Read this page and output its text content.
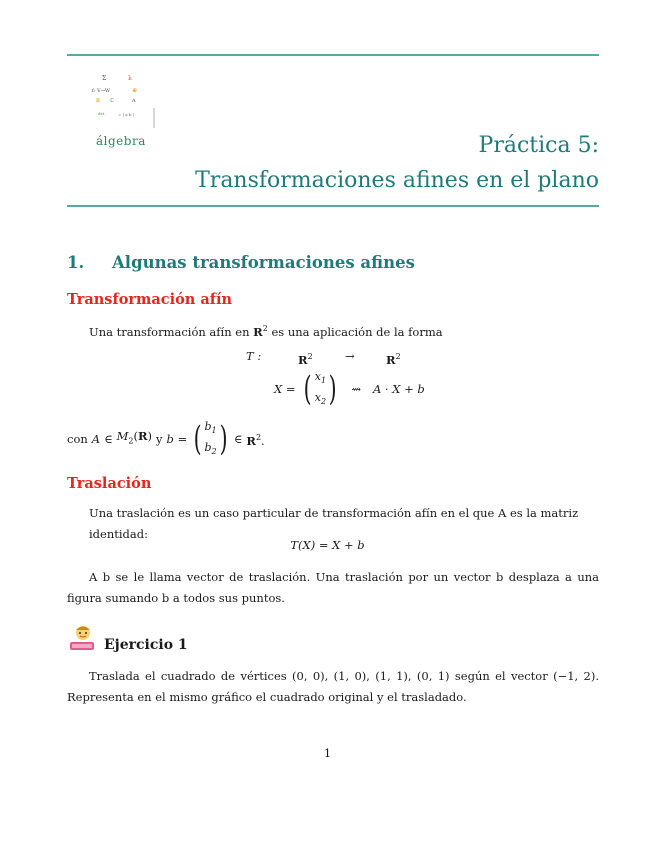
Σ	λ
f: V→W	⊕
ℝ ℂ	A
det	= | a b |
álgebra	Práctica 5:
Transformaciones afines en el plano
1. Algunas transformaciones afines
Transformación afín
Una transformación afín en $R^2$ es una aplicación de la forma
T :	$R^2$	→	$R^2$
X = ( $x_1$
$x_2$ ) ⇝ A · X + b
con A ∈ $M_2(R)$ y b = ( $b_1$
$b_2$ ) ∈ $R^2$.
Traslación
Una traslación es un caso particular de transformación afín en el que A es la matriz identidad:
T(X) = X + b
A b se le llama vector de traslación. Una traslación por un vector b desplaza a una figura sumando b a todos sus puntos.
Ejercicio 1
Traslada el cuadrado de vértices (0, 0), (1, 0), (1, 1), (0, 1) según el vector (−1, 2). Representa en el mismo gráfico el cuadrado original y el trasladado.
1
